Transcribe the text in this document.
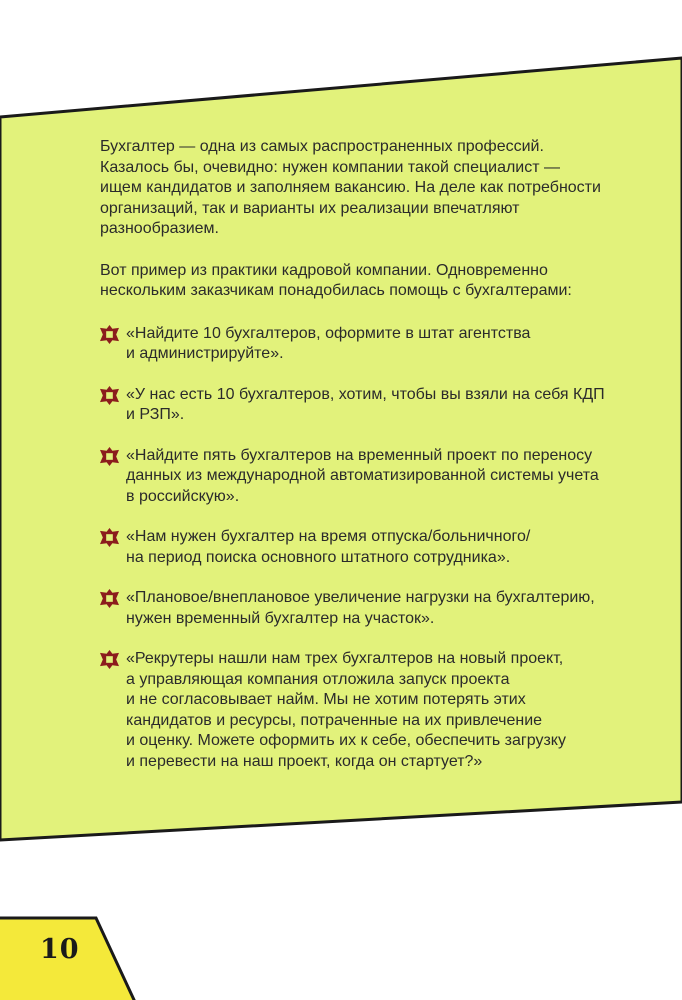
Бухгалтер — одна из самых распространенных профессий.
Казалось бы, очевидно: нужен компании такой специалист —
ищем кандидатов и заполняем вакансию. На деле как потребности
организаций, так и варианты их реализации впечатляют
разнообразием.

Вот пример из практики кадровой компании. Одновременно
нескольким заказчикам понадобилась помощь с бухгалтерами:

«Найдите 10 бухгалтеров, оформите в штат агентства
и администрируйте».
«У нас есть 10 бухгалтеров, хотим, чтобы вы взяли на себя КДП
и РЗП».
«Найдите пять бухгалтеров на временный проект по переносу
данных из международной автоматизированной системы учета
в российскую».
«Нам нужен бухгалтер на время отпуска/больничного/
на период поиска основного штатного сотрудника».
«Плановое/внеплановое увеличение нагрузки на бухгалтерию,
нужен временный бухгалтер на участок».
«Рекрутеры нашли нам трех бухгалтеров на новый проект,
а управляющая компания отложила запуск проекта
и не согласовывает найм. Мы не хотим потерять этих
кандидатов и ресурсы, потраченные на их привлечение
и оценку. Можете оформить их к себе, обеспечить загрузку
и перевести на наш проект, когда он стартует?»
10
